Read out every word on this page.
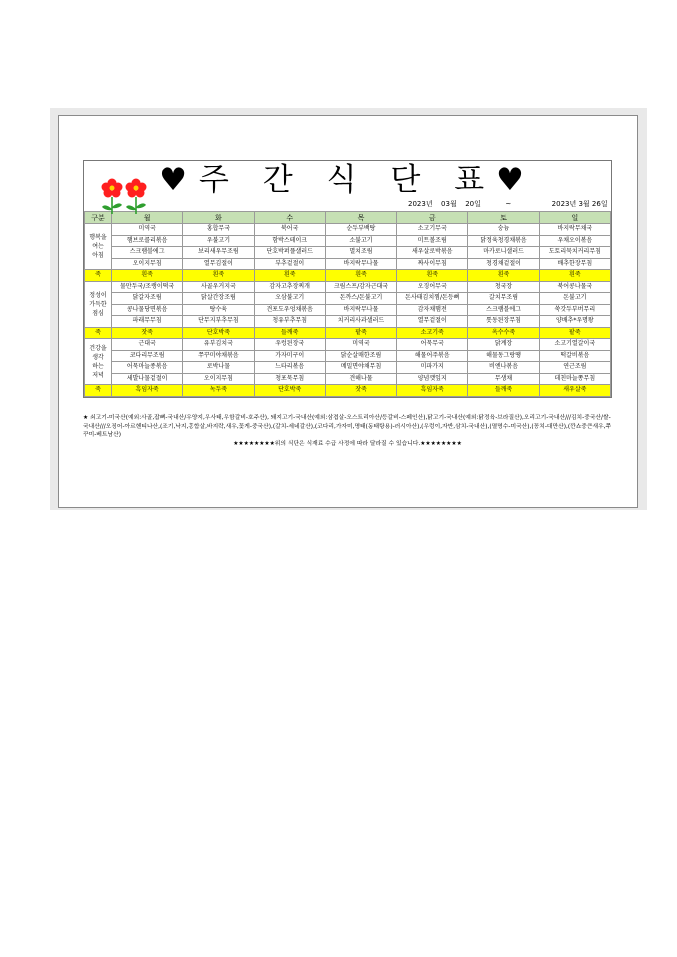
♥주 간 식 단 표♥
2023년 03월 20일	~	2023년 3월 26일
구분	월	화	수	목	금	토	일

행복을
여는
아침	미역국	홍합무국	북어국	순두부백탕	소고기무국	숭늉	바지락무채국
	햄브로콜리볶음	우불고기	함박스테이크	소불고기	미트볼조림	닭정육청경채볶음	우채오이볶음
	스크램블에그	보리새우무조림	단호박퍼플샐러드	멸치조림	새우살로박볶음	마카로니샐러드	도토리묵치커리무침
	오이지무침	열무김절이	부추겉절이	바지락무나물	짜사이무침	청경채겉절이	배추한장무침
죽	흰죽	흰죽	흰죽	흰죽	흰죽	흰죽	흰죽

정성이
가득한
점심	물만두국/조랭이떡국	사골우거지국	감자고추장찌개	크림스프/감자근대국	오징어무국	청국장	북어콩나물국
	닭갈자조림	닭살간장조림	오삼불고기	돈까스/돈불고기	돈사태김치찜/돈등뼈	갈치무조림	돈불고기
	콩나물당면볶음	탕수육	견포도우엉채볶음	바지락무나물	감자채햄전	스크램블에그	쑥갓두부버무리
	파래무무침	단무지부추무침	청유부추무침	치커리사과샐러드	열무겉절이	톳동된장무침	양배추*우명왕
죽	잣죽	단호박죽	들깨죽	팥죽	소고기죽	옥수수죽	팥죽

건강을
생각
하는
저녁	근대국	유부김치국	우렁된장국	미역국	어묵무국	닭계장	소고기열갈이국
	코다리무조림	쭈꾸미야채볶음	가자미구이	닭순살매한조림	해물어주볶음	해물동그랑땡	떡갈비볶음
	어묵마늘종볶음	로박나물	느타리볶음	메밀면야채무침	미파가지	비엔나볶음	연근조림
	세발나물겉절이	오이지무침	청포묵무침	견해나물	양념깻잎지	무생채	데친마늘쫑무침
죽	흑임자죽	녹두죽	단호박죽	잣죽	흑임자죽	들깨죽	새우살죽

★ 쇠고기-미국산(예외:사골,잡뼈-국내산/우양지,우사태,우함갈비-호주산), 돼지고기-국내산(예외:삼겹살-오스트리아산/등갈비-스페인산),닭고기-국내산(예외:닭정육-브라질산),오리고기-국내산///김치-중국산/쌀-국내산///오징어-아르헨티나산,(조기,낙지,홍합살,바지락,새우,꽃게-중국산),(갈치-세네갈산),(코다리,가자미,명태(동태탕용)-러시아산),(우렁이,자반,삼치-국내산),(멸명수-미국산),(꽁치-대만산),(깐쇼중큰새우,쭈꾸미-베트남산)

★★★★★★★★위의 식단은 식재료 수급 사정에 따라 달라질 수 있습니다.★★★★★★★★
